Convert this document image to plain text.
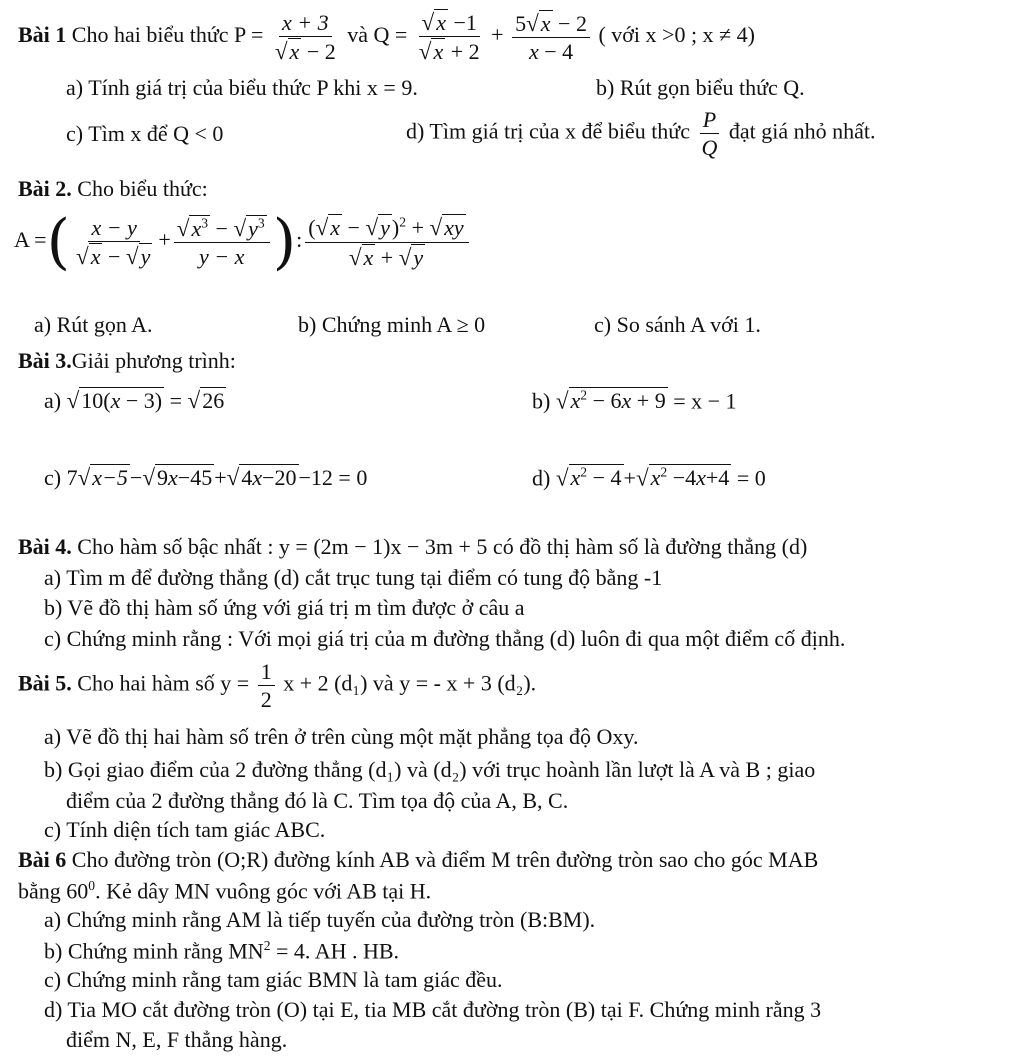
Bài 1 Cho hai biểu thức $P = \frac{x + 3}{√x - 2}$ và $Q = \frac{√x -1}{√x + 2} + \frac{5√x - 2}{x - 4}$ ( với x >0 ; x ≠ 4)
a) Tính giá trị của biểu thức P khi x = 9.	b) Rút gọn biểu thức Q.
c) Tìm x để Q < 0	d) Tìm giá trị của x để biểu thức $\frac{P}{Q}$ đạt giá nhỏ nhất.
Bài 2. Cho biểu thức:
A =( $\frac{x - y}{√x - √y} + \frac{√x^3 - √y^3}{y - x}$ ): $\frac{(√x - √y)^2 + √xy}{√x + √y}$
a) Rút gọn A.	b) Chứng minh A ≥ 0	c) So sánh A với 1.
Bài 3.Giải phương trình:
a) √10(x − 3) = √26	b) $√x^2 - 6x + 9 = x - 1$
c) 7√x−5−√9x−45+√4x−20−12 = 0	d) $√x^2 - 4+√x^2 -4x+4 = 0$
Bài 4. Cho hàm số bậc nhất : y = (2m − 1)x − 3m + 5 có đồ thị hàm số là đường thẳng (d)
a) Tìm m để đường thẳng (d) cắt trục tung tại điểm có tung độ bằng -1
b) Vẽ đồ thị hàm số ứng với giá trị m tìm được ở câu a
c) Chứng minh rằng : Với mọi giá trị của m đường thẳng (d) luôn đi qua một điểm cố định.
Bài 5. Cho hai hàm số $y = \frac{1}{2}$ x + 2 (d₁) và y = - x + 3 (d₂).
a) Vẽ đồ thị hai hàm số trên ở trên cùng một mặt phẳng tọa độ Oxy.
b) Gọi giao điểm của 2 đường thẳng (d₁) và (d₂) với trục hoành lần lượt là A và B ; giao
điểm của 2 đường thẳng đó là C. Tìm tọa độ của A, B, C.
c) Tính diện tích tam giác ABC.
Bài 6 Cho đường tròn (O;R) đường kính AB và điểm M trên đường tròn sao cho góc MAB
bằng $60^0$. Kẻ dây MN vuông góc với AB tại H.
a) Chứng minh rằng AM là tiếp tuyến của đường tròn (B:BM).
b) Chứng minh rằng $MN^2 = 4$. AH . HB.
c) Chứng minh rằng tam giác BMN là tam giác đều.
d) Tia MO cắt đường tròn (O) tại E, tia MB cắt đường tròn (B) tại F. Chứng minh rằng 3
điểm N, E, F thẳng hàng.
